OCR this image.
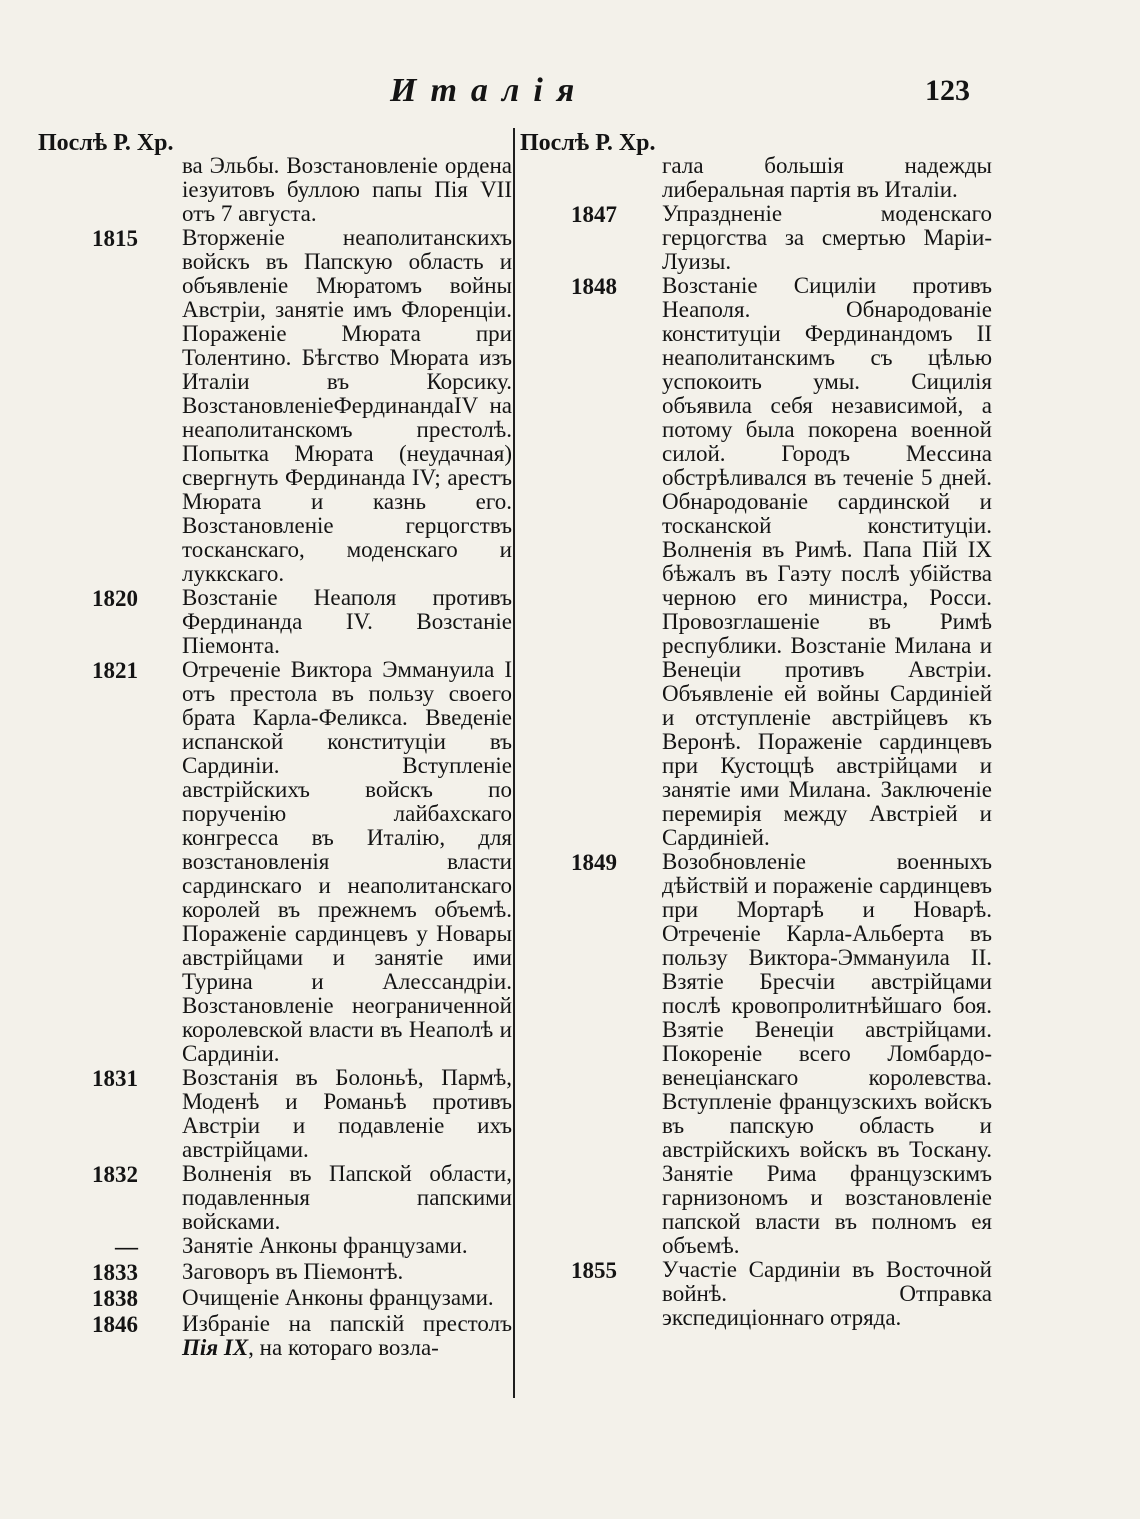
Италія	123
Послѣ Р. Хр.
ва Эльбы. Возстановленіе ордена іезуитовъ буллою папы Пія VII отъ 7 августа.
1815 Вторженіе неаполитанскихъ войскъ въ Папскую область и объявленіе Мюратомъ войны Австріи, занятіе имъ Флоренціи. Пораженіе Мюрата при Толентино. Бѣгство Мюрата изъ Италіи въ Корсику. ВозстановленіеФердинандаIV на неаполитанскомъ престолѣ. Попытка Мюрата (неудачная) свергнуть Фердинанда IV; арестъ Мюрата и казнь его. Возстановленіе герцогствъ тосканскаго, моденскаго и луккскаго.
1820 Возстаніе Неаполя противъ Фердинанда IV. Возстаніе Піемонта.
1821 Отреченіе Виктора Эммануила I отъ престола въ пользу своего брата Карла-Феликса. Введеніе испанской конституціи въ Сардиніи. Вступленіе австрійскихъ войскъ по порученію лайбахскаго конгресса въ Италію, для возстановленія власти сардинскаго и неаполитанскаго королей въ прежнемъ объемѣ. Пораженіе сардинцевъ у Новары австрійцами и занятіе ими Турина и Алессандріи. Возстановленіе неограниченной королевской власти въ Неаполѣ и Сардиніи.
1831 Возстанія въ Болоньѣ, Пармѣ, Моденѣ и Романьѣ противъ Австріи и подавленіе ихъ австрійцами.
1832 Волненія въ Папской области, подавленныя папскими войсками.
— Занятіе Анконы французами.
1833 Заговоръ въ Піемонтѣ.
1838 Очищеніе Анконы французами.
1846 Избраніе на папскій престолъ Пія IX, на котораго возла-
Послѣ Р. Хр.
гала большія надежды либеральная партія въ Италіи.
1847 Упраздненіе моденскаго герцогства за смертью Маріи-Луизы.
1848 Возстаніе Сициліи противъ Неаполя. Обнародованіе конституціи Фердинандомъ II неаполитанскимъ съ цѣлью успокоить умы. Сицилія объявила себя независимой, а потому была покорена военной силой. Городъ Мессина обстрѣливался въ теченіе 5 дней. Обнародованіе сардинской и тосканской конституціи. Волненія въ Римѣ. Папа Пій IX бѣжалъ въ Гаэту послѣ убійства черною его министра, Росси. Провозглашеніе въ Римѣ республики. Возстаніе Милана и Венеціи противъ Австріи. Объявленіе ей войны Сардиніей и отступленіе австрійцевъ къ Веронѣ. Пораженіе сардинцевъ при Кустоццѣ австрійцами и занятіе ими Милана. Заключеніе перемирія между Австріей и Сардиніей.
1849 Возобновленіе военныхъ дѣйствій и пораженіе сардинцевъ при Мортарѣ и Новарѣ. Отреченіе Карла-Альберта въ пользу Виктора-Эммануила II. Взятіе Бресчіи австрійцами послѣ кровопролитнѣйшаго боя. Взятіе Венеціи австрійцами. Покореніе всего Ломбардо-венеціанскаго королевства. Вступленіе французскихъ войскъ въ папскую область и австрійскихъ войскъ въ Тоскану. Занятіе Рима французскимъ гарнизономъ и возстановленіе папской власти въ полномъ ея объемѣ.
1855 Участіе Сардиніи въ Восточной войнѣ. Отправка экспедиціоннаго отряда.
